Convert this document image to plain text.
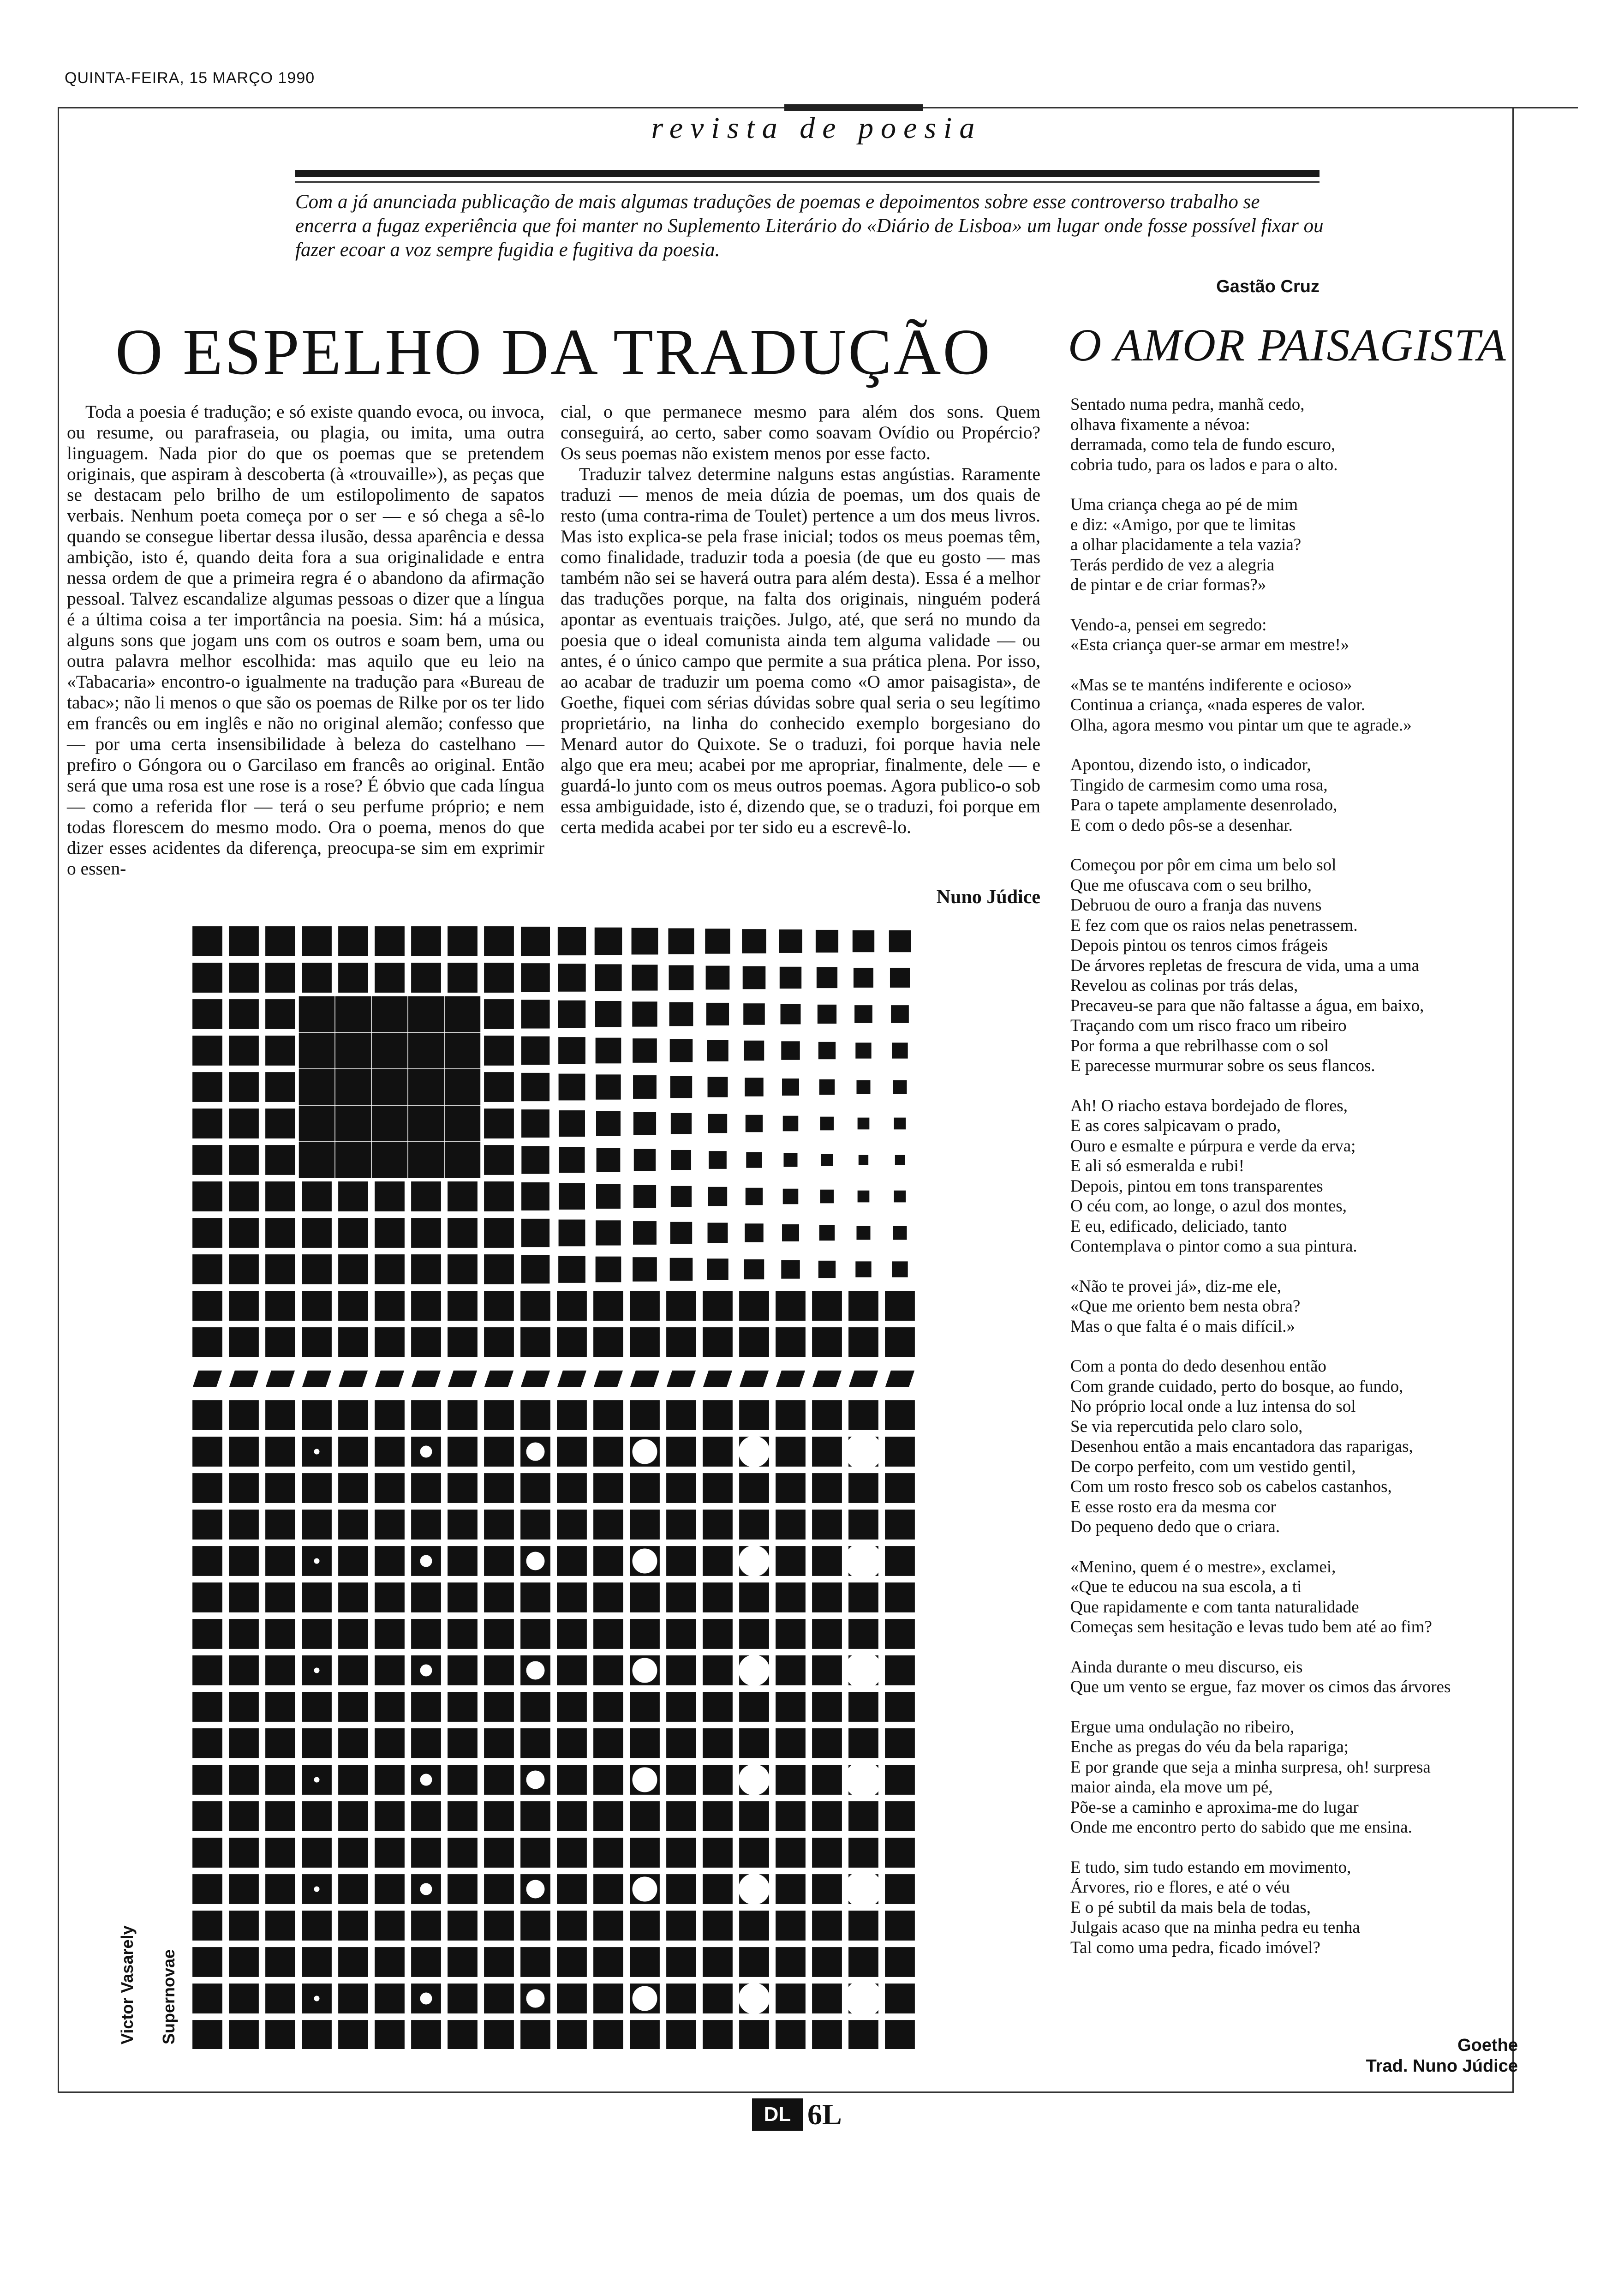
QUINTA-FEIRA, 15 MARÇO 1990
revista de poesia
Com a já anunciada publicação de mais algumas traduções de poemas e depoimentos sobre esse controverso trabalho se encerra a fugaz experiência que foi manter no Suplemento Literário do «Diário de Lisboa» um lugar onde fosse possível fixar ou fazer ecoar a voz sempre fugidia e fugitiva da poesia.
Gastão Cruz
O ESPELHO DA TRADUÇÃO O AMOR PAISAGISTA

Toda a poesia é tradução; e só existe quando evoca, ou invoca, ou resume, ou parafraseia, ou plagia, ou imita, uma outra linguagem. Nada pior do que os poemas que se pretendem originais, que aspiram à descoberta (à «trouvaille»), as peças que se destacam pelo brilho de um estilopolimento de sapatos verbais. Nenhum poeta começa por o ser — e só chega a sê-lo quando se consegue libertar dessa ilusão, dessa aparência e dessa ambição, isto é, quando deita fora a sua originalidade e entra nessa ordem de que a primeira regra é o abandono da afirmação pessoal. Talvez escandalize algumas pessoas o dizer que a língua é a última coisa a ter importância na poesia. Sim: há a música, alguns sons que jogam uns com os outros e soam bem, uma ou outra palavra melhor escolhida: mas aquilo que eu leio na «Tabacaria» encontro-o igualmente na tradução para «Bureau de tabac»; não li menos o que são os poemas de Rilke por os ter lido em francês ou em inglês e não no original alemão; confesso que — por uma certa insensibilidade à beleza do castelhano — prefiro o Góngora ou o Garcilaso em francês ao original. Então será que uma rosa est une rose is a rose? É óbvio que cada língua — como a referida flor — terá o seu perfume próprio; e nem todas florescem do mesmo modo. Ora o poema, menos do que dizer esses acidentes da diferença, preocupa-se sim em exprimir o essen-

cial, o que permanece mesmo para além dos sons. Quem conseguirá, ao certo, saber como soavam Ovídio ou Propércio? Os seus poemas não existem menos por esse facto.

Traduzir talvez determine nalguns estas angústias. Raramente traduzi — menos de meia dúzia de poemas, um dos quais de resto (uma contra-rima de Toulet) pertence a um dos meus livros. Mas isto explica-se pela frase inicial; todos os meus poemas têm, como finalidade, traduzir toda a poesia (de que eu gosto — mas também não sei se haverá outra para além desta). Essa é a melhor das traduções porque, na falta dos originais, ninguém poderá apontar as eventuais traições. Julgo, até, que será no mundo da poesia que o ideal comunista ainda tem alguma validade — ou antes, é o único campo que permite a sua prática plena. Por isso, ao acabar de traduzir um poema como «O amor paisagista», de Goethe, fiquei com sérias dúvidas sobre qual seria o seu legítimo proprietário, na linha do conhecido exemplo borgesiano do Menard autor do Quixote. Se o traduzi, foi porque havia nele algo que era meu; acabei por me apropriar, finalmente, dele — e guardá-lo junto com os meus outros poemas. Agora publico-o sob essa ambiguidade, isto é, dizendo que, se o traduzi, foi porque em certa medida acabei por ter sido eu a escrevê-lo.

Nuno Júdice
Sentado numa pedra, manhã cedo,
olhava fixamente a névoa:
derramada, como tela de fundo escuro,
cobria tudo, para os lados e para o alto.
Uma criança chega ao pé de mim
e diz: «Amigo, por que te limitas
a olhar placidamente a tela vazia?
Terás perdido de vez a alegria
de pintar e de criar formas?»
Vendo-a, pensei em segredo:
«Esta criança quer-se armar em mestre!»
«Mas se te manténs indiferente e ocioso»
Continua a criança, «nada esperes de valor.
Olha, agora mesmo vou pintar um que te agrade.»
Apontou, dizendo isto, o indicador,
Tingido de carmesim como uma rosa,
Para o tapete amplamente desenrolado,
E com o dedo pôs-se a desenhar.
Começou por pôr em cima um belo sol
Que me ofuscava com o seu brilho,
Debruou de ouro a franja das nuvens
E fez com que os raios nelas penetrassem.
Depois pintou os tenros cimos frágeis
De árvores repletas de frescura de vida, uma a uma
Revelou as colinas por trás delas,
Precaveu-se para que não faltasse a água, em baixo,
Traçando com um risco fraco um ribeiro
Por forma a que rebrilhasse com o sol
E parecesse murmurar sobre os seus flancos.
Ah! O riacho estava bordejado de flores,
E as cores salpicavam o prado,
Ouro e esmalte e púrpura e verde da erva;
E ali só esmeralda e rubi!
Depois, pintou em tons transparentes
O céu com, ao longe, o azul dos montes,
E eu, edificado, deliciado, tanto
Contemplava o pintor como a sua pintura.
«Não te provei já», diz-me ele,
«Que me oriento bem nesta obra?
Mas o que falta é o mais difícil.»
Com a ponta do dedo desenhou então
Com grande cuidado, perto do bosque, ao fundo,
No próprio local onde a luz intensa do sol
Se via repercutida pelo claro solo,
Desenhou então a mais encantadora das raparigas,
De corpo perfeito, com um vestido gentil,
Com um rosto fresco sob os cabelos castanhos,
E esse rosto era da mesma cor
Do pequeno dedo que o criara.
«Menino, quem é o mestre», exclamei,
«Que te educou na sua escola, a ti
Que rapidamente e com tanta naturalidade
Começas sem hesitação e levas tudo bem até ao fim?
Ainda durante o meu discurso, eis
Que um vento se ergue, faz mover os cimos das árvores
Ergue uma ondulação no ribeiro,
Enche as pregas do véu da bela rapariga;
E por grande que seja a minha surpresa, oh! surpresa
maior ainda, ela move um pé,
Põe-se a caminho e aproxima-me do lugar
Onde me encontro perto do sabido que me ensina.
E tudo, sim tudo estando em movimento,
Árvores, rio e flores, e até o véu
E o pé subtil da mais bela de todas,
Julgais acaso que na minha pedra eu tenha
Tal como uma pedra, ficado imóvel?
Goethe
Trad. Nuno Júdice
Victor Vasarely Supernovae
DL 6L
